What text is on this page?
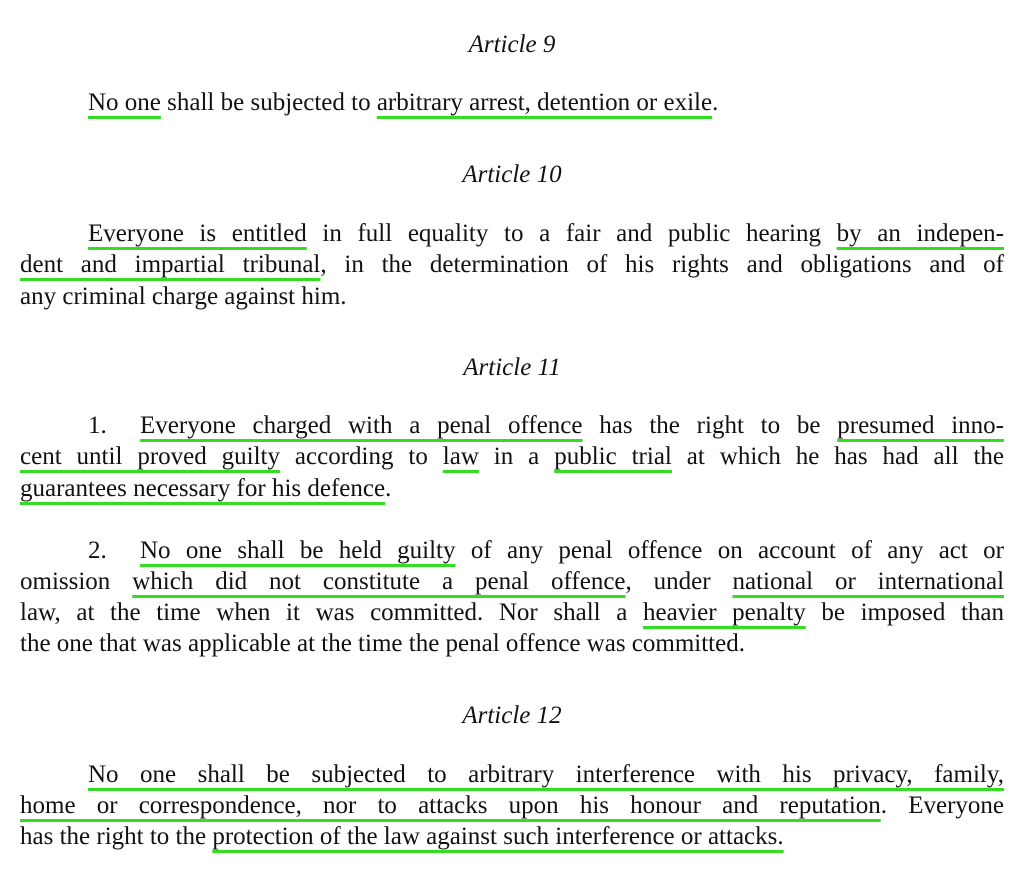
Article 9
No one shall be subjected to arbitrary arrest, detention or exile.
Article 10
Everyone is entitled in full equality to a fair and public hearing by an indepen-
dent and impartial tribunal, in the determination of his rights and obligations and of
any criminal charge against him.
Article 11
1. Everyone charged with a penal offence has the right to be presumed inno-
cent until proved guilty according to law in a public trial at which he has had all the
guarantees necessary for his defence.
2. No one shall be held guilty of any penal offence on account of any act or
omission which did not constitute a penal offence, under national or international
law, at the time when it was committed. Nor shall a heavier penalty be imposed than
the one that was applicable at the time the penal offence was committed.
Article 12
No one shall be subjected to arbitrary interference with his privacy, family,
home or correspondence, nor to attacks upon his honour and reputation. Everyone
has the right to the protection of the law against such interference or attacks.
